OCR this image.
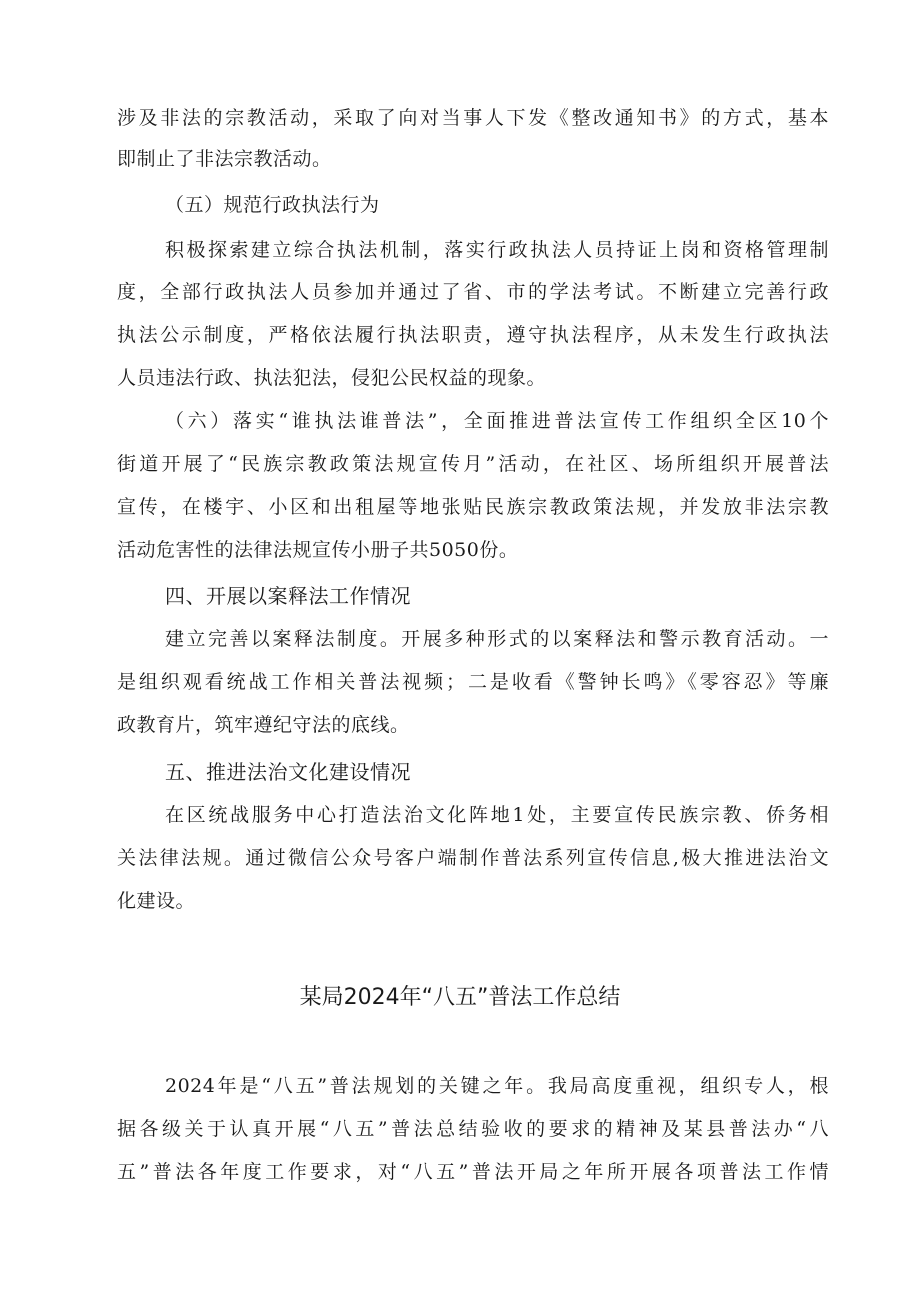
涉及非法的宗教活动，采取了向对当事人下发《整改通知书》的方式，基本

即制止了非法宗教活动。

（五）规范行政执法行为

积极探索建立综合执法机制，落实行政执法人员持证上岗和资格管理制

度，全部行政执法人员参加并通过了省、市的学法考试。不断建立完善行政

执法公示制度，严格依法履行执法职责，遵守执法程序，从未发生行政执法

人员违法行政、执法犯法，侵犯公民权益的现象。

（六）落实“谁执法谁普法”，全面推进普法宣传工作组织全区10个

街道开展了“民族宗教政策法规宣传月”活动，在社区、场所组织开展普法

宣传，在楼宇、小区和出租屋等地张贴民族宗教政策法规，并发放非法宗教

活动危害性的法律法规宣传小册子共5050份。

四、开展以案释法工作情况

建立完善以案释法制度。开展多种形式的以案释法和警示教育活动。一

是组织观看统战工作相关普法视频；二是收看《警钟长鸣》《零容忍》等廉

政教育片，筑牢遵纪守法的底线。

五、推进法治文化建设情况

在区统战服务中心打造法治文化阵地1处，主要宣传民族宗教、侨务相

关法律法规。通过微信公众号客户端制作普法系列宣传信息,极大推进法治文

化建设。

某局2024年“八五”普法工作总结

2024年是“八五”普法规划的关键之年。我局高度重视，组织专人，根

据各级关于认真开展“八五”普法总结验收的要求的精神及某县普法办“八

五”普法各年度工作要求，对“八五”普法开局之年所开展各项普法工作情
